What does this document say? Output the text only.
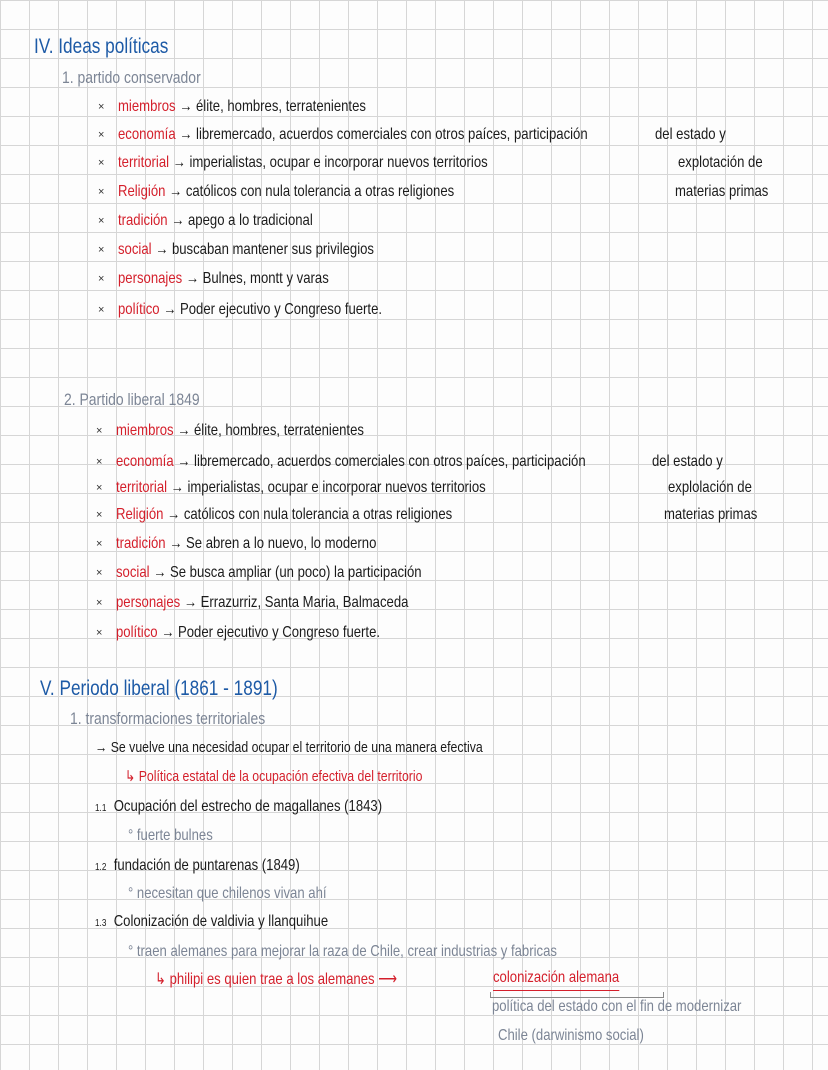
IV. Ideas políticas
1. partido conservador
× miembros → élite, hombres, terratenientes
× economía → libremercado, acuerdos comerciales con otros paíces, participación
× territorial → imperialistas, ocupar e incorporar nuevos territorios
× Religión → católicos con nula tolerancia a otras religiones
× tradición → apego a lo tradicional
× social → buscaban mantener sus privilegios
× personajes → Bulnes, montt y varas
× político → Poder ejecutivo y Congreso fuerte.
del estado y
explotación de
materias primas
2. Partido liberal 1849
× miembros → élite, hombres, terratenientes
× economía → libremercado, acuerdos comerciales con otros paíces, participación
× territorial → imperialistas, ocupar e incorporar nuevos territorios
× Religión → católicos con nula tolerancia a otras religiones
× tradición → Se abren a lo nuevo, lo moderno
× social → Se busca ampliar (un poco) la participación
× personajes → Errazurriz, Santa Maria, Balmaceda
× político → Poder ejecutivo y Congreso fuerte.
del estado y
explolación de
materias primas
V. Periodo liberal (1861 - 1891)
1. transformaciones territoriales
→ Se vuelve una necesidad ocupar el territorio de una manera efectiva
↳ Política estatal de la ocupación efectiva del territorio
1.1 Ocupación del estrecho de magallanes (1843)
° fuerte bulnes
1.2 fundación de puntarenas (1849)
° necesitan que chilenos vivan ahí
1.3 Colonización de valdivia y llanquihue
° traen alemanes para mejorar la raza de Chile, crear industrias y fabricas
↳ philipi es quien trae a los alemanes ⟶	colonización alemana
política del estado con el fin de modernizar
Chile (darwinismo social)
